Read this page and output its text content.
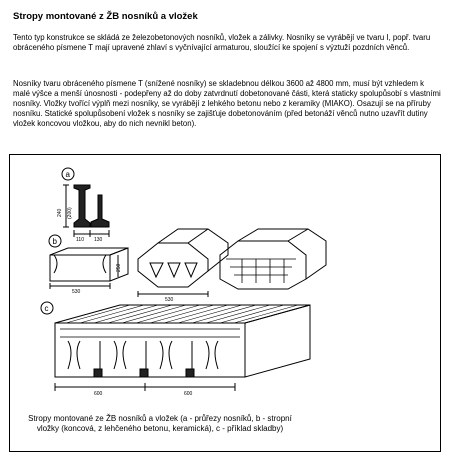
Stropy montované z ŽB nosníků a vložek

Tento typ konstrukce se skládá ze železobetonových nosníků, vložek a zálivky. Nosníky se vyrábějí ve tvaru I, popř. tvaru obráceného písmene T mají upravené zhlaví s vyčnívající armaturou, sloužící ke spojení s výztuží pozdních věnců.

Nosníky tvaru obráceného písmene T (snížené nosníky) se skladebnou délkou 3600 až 4800 mm, musí být vzhledem k malé výšce a menší únosnosti - podepřeny až do doby zatvrdnutí dobetonované části, která staticky spolupůsobí s vlastními nosníky. Vložky tvořící výplň mezi nosníky, se vyrábějí z lehkého betonu nebo z keramiky (MIAKO). Osazují se na příruby nosníku. Statické spolupůsobení vložek s nosníky se zajišťuje dobetonováním (před betonáží věnců nutno uzavřít dutiny vložek koncovou vložkou, aby do nich nevnikl beton).

a
240 (200)
110 130
b
250
530
530
c
600	600
Stropy montované ze ŽB nosníků a vložek (a - průřezy nosníků, b - stropní vložky (koncová, z lehčeného betonu, keramická), c - příklad skladby)
